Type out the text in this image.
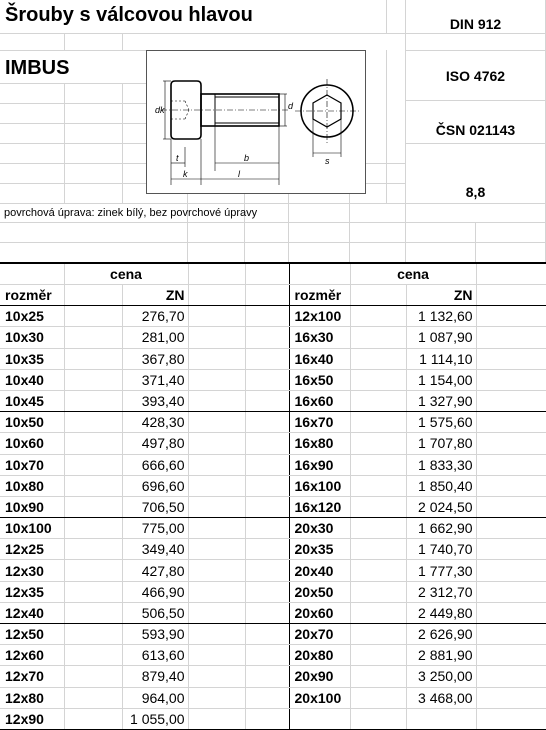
Šrouby s válcovou hlavou
IMBUS
DIN 912
ISO 4762
ČSN 021143
8,8
povrchová úprava: zinek bílý, bez povrchové úpravy
dk	d
t
k
b
l
s
	cena					cena		
rozměr		ZN			rozměr		ZN	
10x25		276,70			12x100		1 132,60	
10x30		281,00			16x30		1 087,90	
10x35		367,80			16x40		1 114,10	
10x40		371,40			16x50		1 154,00	
10x45		393,40			16x60		1 327,90	
10x50		428,30			16x70		1 575,60	
10x60		497,80			16x80		1 707,80	
10x70		666,60			16x90		1 833,30	
10x80		696,60			16x100		1 850,40	
10x90		706,50			16x120		2 024,50	
10x100		775,00			20x30		1 662,90	
12x25		349,40			20x35		1 740,70	
12x30		427,80			20x40		1 777,30	
12x35		466,90			20x50		2 312,70	
12x40		506,50			20x60		2 449,80	
12x50		593,90			20x70		2 626,90	
12x60		613,60			20x80		2 881,90	
12x70		879,40			20x90		3 250,00	
12x80		964,00			20x100		3 468,00	
12x90		1 055,00						
